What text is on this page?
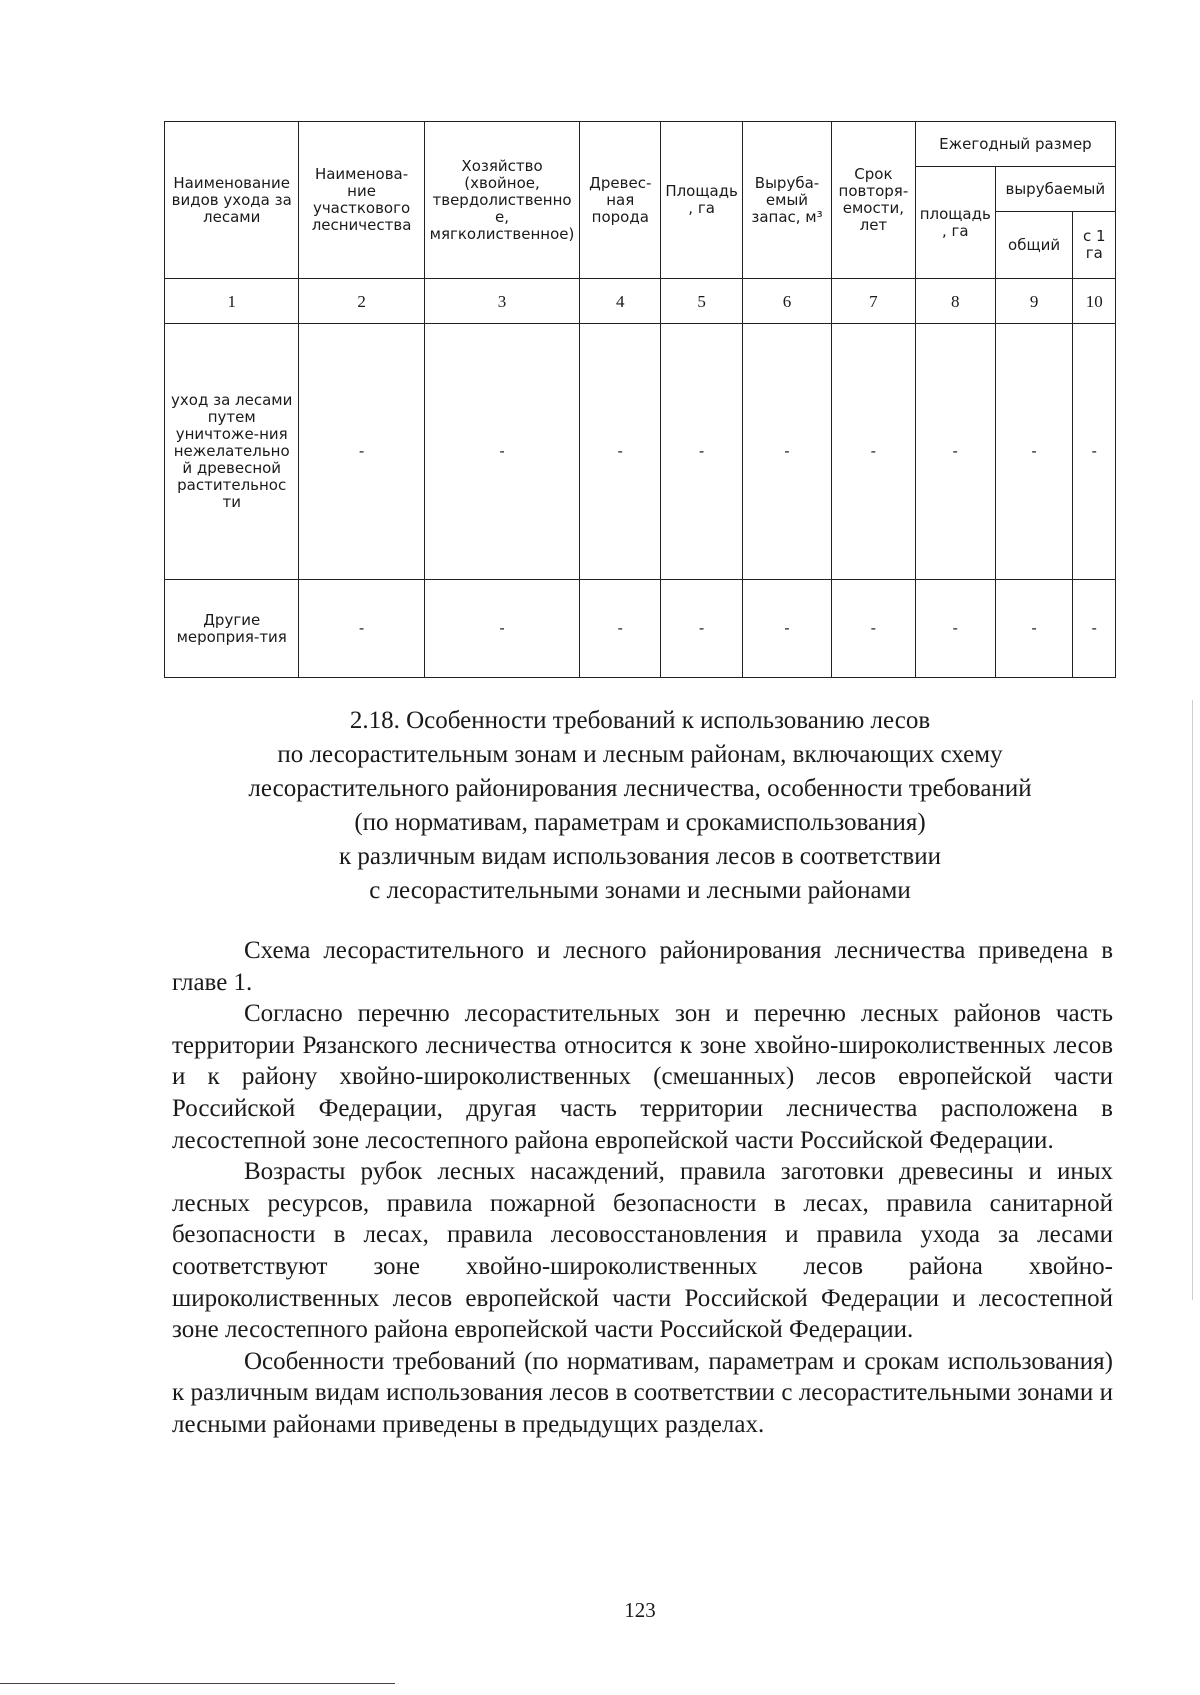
Наименование видов ухода за лесами	Наименова-ние участкового лесничества	Хозяйство (хвойное, твердолиственно е, мягколиственное)	Древес-ная порода	Площадь , га	Выруба-емый запас, м³	Срок повторя-емости, лет	Ежегодный размер		
							площадь , га	вырубаемый	
								общий	с 1 га
1	2	3	4	5	6	7	8	9	10
уход за лесами путем уничтоже-ния нежелательно й древесной растительнос ти	-	-	-	-	-	-	-	-	-
Другие мероприя-тия	-	-	-	-	-	-	-	-	-
2.18. Особенности требований к использованию лесов
по лесорастительным зонам и лесным районам, включающих схему
лесорастительного районирования лесничества, особенности требований
(по нормативам, параметрам и срокамиспользования)
к различным видам использования лесов в соответствии
с лесорастительными зонами и лесными районами

Схема лесорастительного и лесного районирования лесничества приведена в главе 1.

Согласно перечню лесорастительных зон и перечню лесных районов часть территории Рязанского лесничества относится к зоне хвойно-широколиственных лесов и к району хвойно-широколиственных (смешанных) лесов европейской части Российской Федерации, другая часть территории лесничества расположена в лесостепной зоне лесостепного района европейской части Российской Федерации.

Возрасты рубок лесных насаждений, правила заготовки древесины и иных лесных ресурсов, правила пожарной безопасности в лесах, правила санитарной безопасности в лесах, правила лесовосстановления и правила ухода за лесами соответствуют зоне хвойно-широколиственных лесов района хвойно-широколиственных лесов европейской части Российской Федерации и лесостепной зоне лесостепного района европейской части Российской Федерации.

Особенности требований (по нормативам, параметрам и срокам использования) к различным видам использования лесов в соответствии с лесорастительными зонами и лесными районами приведены в предыдущих разделах.

123
